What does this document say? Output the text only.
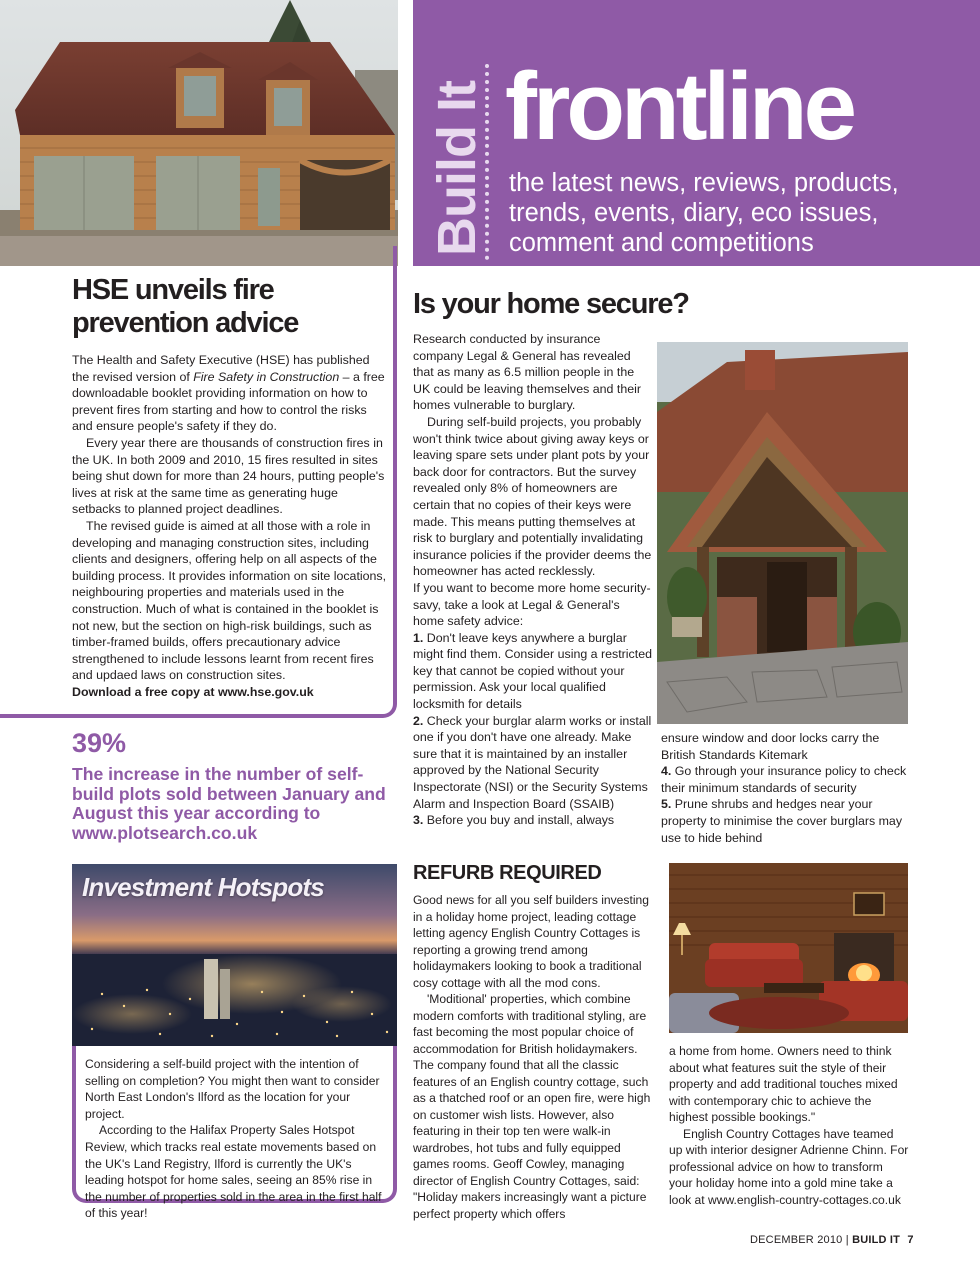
Build It frontline
the latest news, reviews, products, trends, events, diary, eco issues, comment and competitions
HSE unveils fire prevention advice

The Health and Safety Executive (HSE) has published the revised version of Fire Safety in Construction – a free downloadable booklet providing information on how to prevent fires from starting and how to control the risks and ensure people's safety if they do.

Every year there are thousands of construction fires in the UK. In both 2009 and 2010, 15 fires resulted in sites being shut down for more than 24 hours, putting people's lives at risk at the same time as generating huge setbacks to planned project deadlines.

The revised guide is aimed at all those with a role in developing and managing construction sites, including clients and designers, offering help on all aspects of the building process. It provides information on site locations, neighbouring properties and materials used in the construction. Much of what is contained in the booklet is not new, but the section on high-risk buildings, such as timber-framed builds, offers precautionary advice strengthened to include lessons learnt from recent fires and updaed laws on construction sites.

Download a free copy at www.hse.gov.uk

39%
The increase in the number of self-build plots sold between January and August this year according to www.plotsearch.co.uk
Investment Hotspots

Considering a self-build project with the intention of selling on completion? You might then want to consider North East London's Ilford as the location for your project.

According to the Halifax Property Sales Hotspot Review, which tracks real estate movements based on the UK's Land Registry, Ilford is currently the UK's leading hotspot for home sales, seeing an 85% rise in the number of properties sold in the area in the first half of this year!

Is your home secure?

Research conducted by insurance company Legal & General has revealed that as many as 6.5 million people in the UK could be leaving themselves and their homes vulnerable to burglary.

During self-build projects, you probably won't think twice about giving away keys or leaving spare sets under plant pots by your back door for contractors. But the survey revealed only 8% of homeowners are certain that no copies of their keys were made. This means putting themselves at risk to burglary and potentially invalidating insurance policies if the provider deems the homeowner has acted recklessly.

If you want to become more home security-savy, take a look at Legal & General's home safety advice:

1. Don't leave keys anywhere a burglar might find them. Consider using a restricted key that cannot be copied without your permission. Ask your local qualified locksmith for details

2. Check your burglar alarm works or install one if you don't have one already. Make sure that it is maintained by an installer approved by the National Security Inspectorate (NSI) or the Security Systems Alarm and Inspection Board (SSAIB)

3. Before you buy and install, always

ensure window and door locks carry the British Standards Kitemark

4. Go through your insurance policy to check their minimum standards of security

5. Prune shrubs and hedges near your property to minimise the cover burglars may use to hide behind

REFURB REQUIRED

Good news for all you self builders investing in a holiday home project, leading cottage letting agency English Country Cottages is reporting a growing trend among holidaymakers looking to book a traditional cosy cottage with all the mod cons.

'Moditional' properties, which combine modern comforts with traditional styling, are fast becoming the most popular choice of accommodation for British holidaymakers. The company found that all the classic features of an English country cottage, such as a thatched roof or an open fire, were high on customer wish lists. However, also featuring in their top ten were walk-in wardrobes, hot tubs and fully equipped games rooms. Geoff Cowley, managing director of English Country Cottages, said: "Holiday makers increasingly want a picture perfect property which offers

a home from home. Owners need to think about what features suit the style of their property and add traditional touches mixed with contemporary chic to achieve the highest possible bookings."

English Country Cottages have teamed up with interior designer Adrienne Chinn. For professional advice on how to transform your holiday home into a gold mine take a look at www.english-country-cottages.co.uk

DECEMBER 2010 | BUILD IT 7
